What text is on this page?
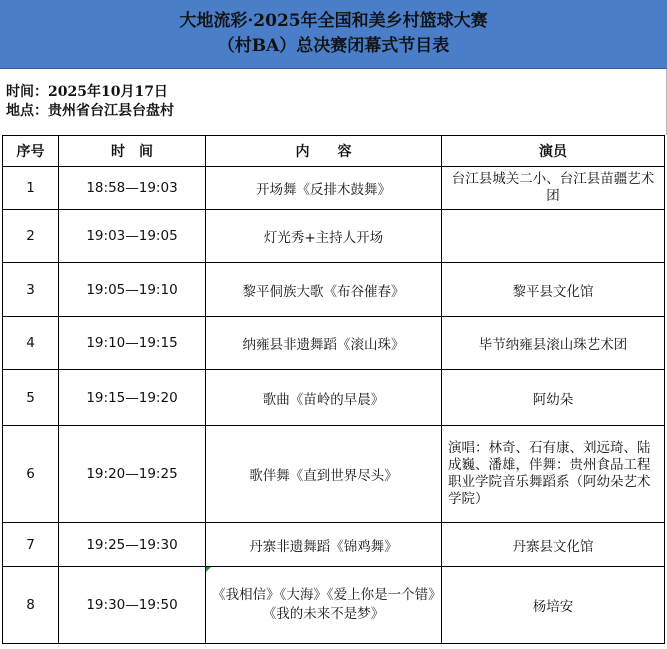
大地流彩·2025年全国和美乡村篮球大赛
（村BA）总决赛闭幕式节目表
时间：2025年10月17日
地点：贵州省台江县台盘村
序号	时　间	内　　容	演员
1	18:58—19:03	开场舞《反排木鼓舞》	台江县城关二小、台江县苗疆艺术团
2	19:03—19:05	灯光秀+主持人开场	
3	19:05—19:10	黎平侗族大歌《布谷催春》	黎平县文化馆
4	19:10—19:15	纳雍县非遗舞蹈《滚山珠》	毕节纳雍县滚山珠艺术团
5	19:15—19:20	歌曲《苗岭的早晨》	阿幼朵
6	19:20—19:25	歌伴舞《直到世界尽头》	演唱：林奇、石有康、刘远琦、陆成巍、潘雄，伴舞：贵州食品工程职业学院音乐舞蹈系（阿幼朵艺术学院）
7	19:25—19:30	丹寨非遗舞蹈《锦鸡舞》	丹寨县文化馆
8	19:30—19:50	《我相信》《大海》《爱上你是一个错》《我的未来不是梦》	杨培安
